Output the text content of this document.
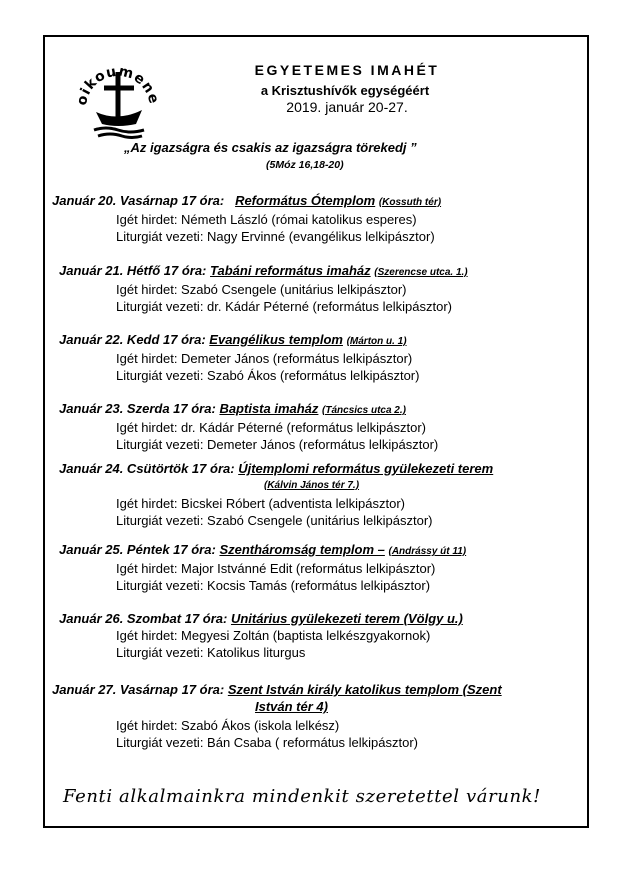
oikoumene
EGYETEMES IMAHÉT
a Krisztushívők egységéért
2019. január 20-27.
„Az igazságra és csakis az igazságra törekedj ”
(5Móz 16,18-20)
Január 20. Vasárnap 17 óra: Református Ótemplom (Kossuth tér)
Igét hirdet: Németh László (római katolikus esperes)
Liturgiát vezeti: Nagy Ervinné (evangélikus lelkipásztor)
Január 21. Hétfő 17 óra: Tabáni református imaház (Szerencse utca. 1.)
Igét hirdet: Szabó Csengele (unitárius lelkipásztor)
Liturgiát vezeti: dr. Kádár Péterné (református lelkipásztor)
Január 22. Kedd 17 óra: Evangélikus templom (Márton u. 1)
Igét hirdet: Demeter János (református lelkipásztor)
Liturgiát vezeti: Szabó Ákos (református lelkipásztor)
Január 23. Szerda 17 óra: Baptista imaház (Táncsics utca 2.)
Igét hirdet: dr. Kádár Péterné (református lelkipásztor)
Liturgiát vezeti: Demeter János (református lelkipásztor)
Január 24. Csütörtök 17 óra: Újtemplomi református gyülekezeti terem
(Kálvin János tér 7.)
Igét hirdet: Bicskei Róbert (adventista lelkipásztor)
Liturgiát vezeti: Szabó Csengele (unitárius lelkipásztor)
Január 25. Péntek 17 óra: Szentháromság templom – (Andrássy út 11)
Igét hirdet: Major Istvánné Edit (református lelkipásztor)
Liturgiát vezeti: Kocsis Tamás (református lelkipásztor)
Január 26. Szombat 17 óra: Unitárius gyülekezeti terem (Völgy u.)
Igét hirdet: Megyesi Zoltán (baptista lelkészgyakornok)
Liturgiát vezeti: Katolikus liturgus
Január 27. Vasárnap 17 óra: Szent István király katolikus templom (Szent
István tér 4)
Igét hirdet: Szabó Ákos (iskola lelkész)
Liturgiát vezeti: Bán Csaba ( református lelkipásztor)
Fenti alkalmainkra mindenkit szeretettel várunk!
